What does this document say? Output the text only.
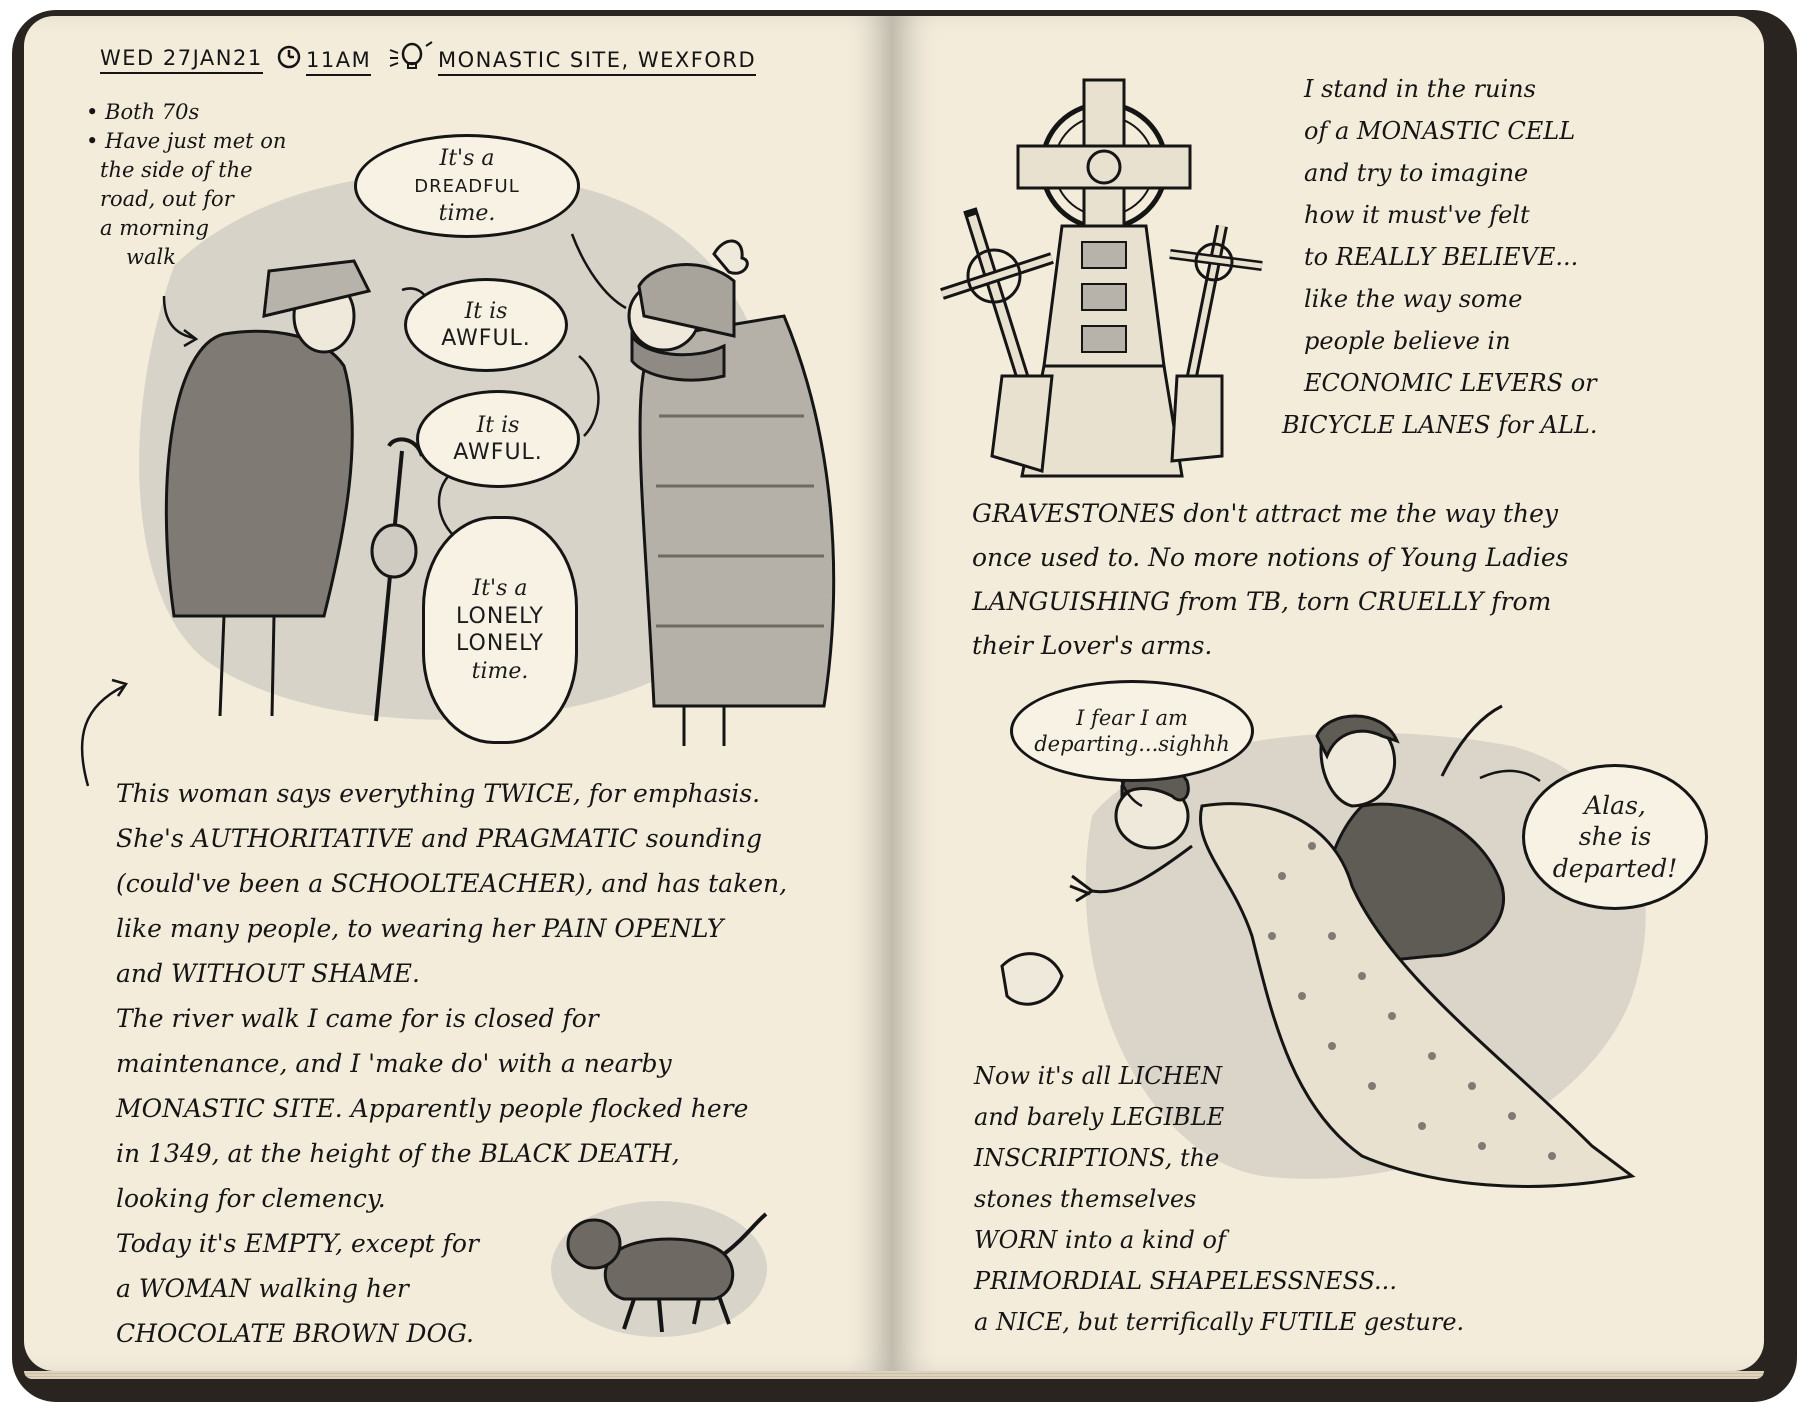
WED 27JAN21 11AM	MONASTIC SITE, WEXFORD
• Both 70s
• Have just met on
the side of the
road, out for
a morning
walk
It's a
DREADFUL
time.
It is
AWFUL.
It is
AWFUL.
It's a
LONELY
LONELY
time.
This woman says everything TWICE, for emphasis.
She's AUTHORITATIVE and PRAGMATIC sounding
(could've been a SCHOOLTEACHER), and has taken,
like many people, to wearing her PAIN OPENLY
and WITHOUT SHAME.
The river walk I came for is closed for
maintenance, and I 'make do' with a nearby
MONASTIC SITE. Apparently people flocked here
in 1349, at the height of the BLACK DEATH,
looking for clemency.
Today it's EMPTY, except for
a WOMAN walking her
CHOCOLATE BROWN DOG.
I stand in the ruins
of a MONASTIC CELL
and try to imagine
how it must've felt
to REALLY BELIEVE...
like the way some
people believe in
ECONOMIC LEVERS or
BICYCLE LANES for ALL.
GRAVESTONES don't attract me the way they
once used to. No more notions of Young Ladies
LANGUISHING from TB, torn CRUELLY from
their Lover's arms.
I fear I am
departing...sighhh
Alas,
she is
departed!
Now it's all LICHEN
and barely LEGIBLE
INSCRIPTIONS, the
stones themselves
WORN into a kind of
PRIMORDIAL SHAPELESSNESS...
a NICE, but terrifically FUTILE gesture.
